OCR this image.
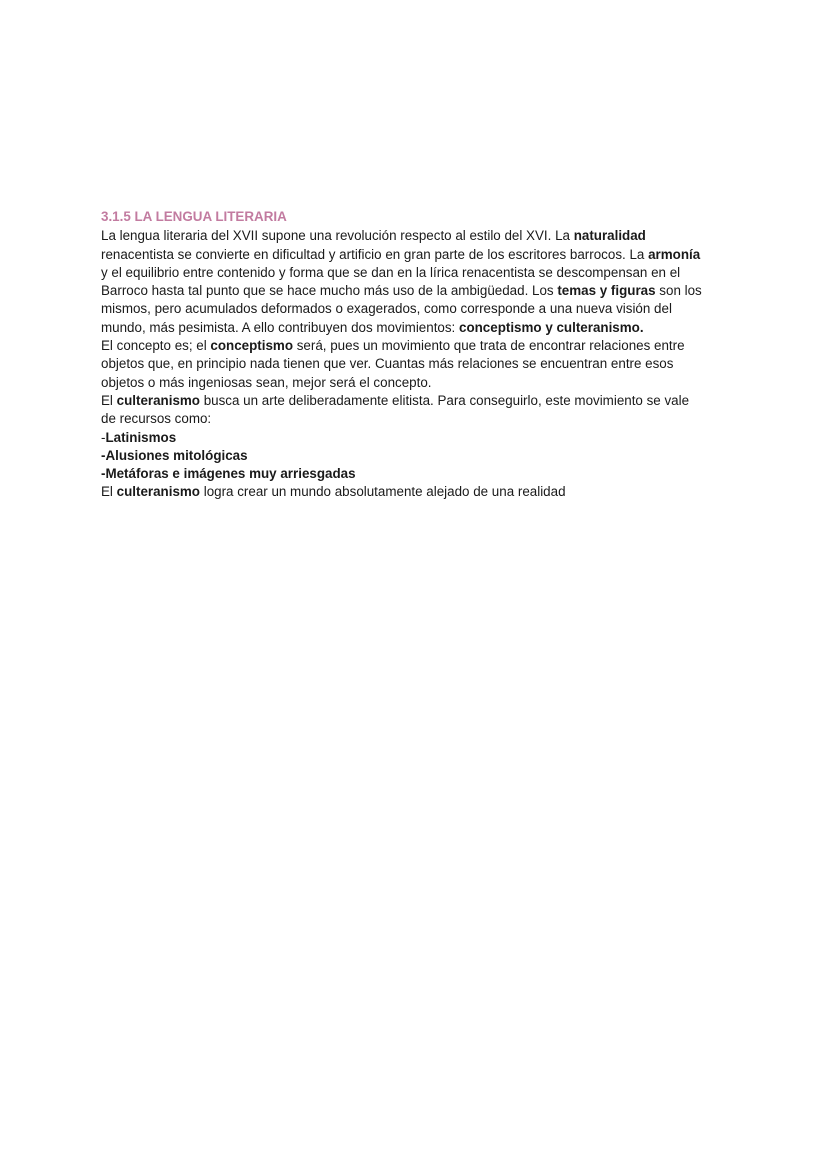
3.1.5 LA LENGUA LITERARIA

La lengua literaria del XVII supone una revolución respecto al estilo del XVI. La naturalidad
renacentista se convierte en dificultad y artificio en gran parte de los escritores barrocos. La armonía
y el equilibrio entre contenido y forma que se dan en la lírica renacentista se descompensan en el
Barroco hasta tal punto que se hace mucho más uso de la ambigüedad. Los temas y figuras son los
mismos, pero acumulados deformados o exagerados, como corresponde a una nueva visión del
mundo, más pesimista. A ello contribuyen dos movimientos: conceptismo y culteranismo.

El concepto es; el conceptismo será, pues un movimiento que trata de encontrar relaciones entre
objetos que, en principio nada tienen que ver. Cuantas más relaciones se encuentran entre esos
objetos o más ingeniosas sean, mejor será el concepto.

El culteranismo busca un arte deliberadamente elitista. Para conseguirlo, este movimiento se vale
de recursos como:

-Latinismos
-Alusiones mitológicas
-Metáforas e imágenes muy arriesgadas

El culteranismo logra crear un mundo absolutamente alejado de una realidad
